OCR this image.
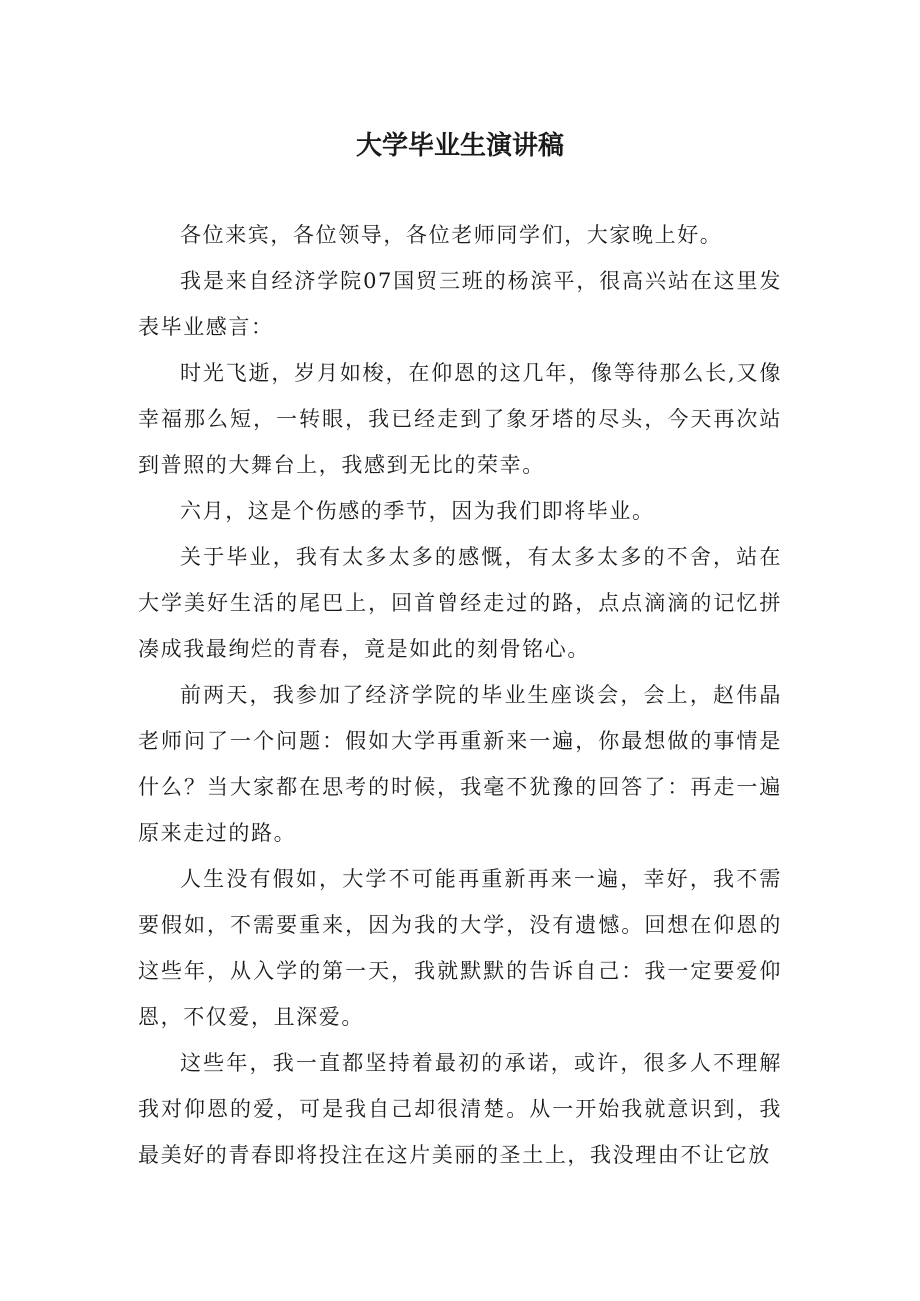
大学毕业生演讲稿

各位来宾，各位领导，各位老师同学们，大家晚上好。

我是来自经济学院07国贸三班的杨滨平，很高兴站在这里发表毕业感言：

时光飞逝，岁月如梭，在仰恩的这几年，像等待那么长,又像幸福那么短，一转眼，我已经走到了象牙塔的尽头，今天再次站到普照的大舞台上，我感到无比的荣幸。

六月，这是个伤感的季节，因为我们即将毕业。

关于毕业，我有太多太多的感慨，有太多太多的不舍，站在大学美好生活的尾巴上，回首曾经走过的路，点点滴滴的记忆拼凑成我最绚烂的青春，竟是如此的刻骨铭心。

前两天，我参加了经济学院的毕业生座谈会，会上，赵伟晶老师问了一个问题：假如大学再重新来一遍，你最想做的事情是什么？当大家都在思考的时候，我毫不犹豫的回答了：再走一遍原来走过的路。

人生没有假如，大学不可能再重新再来一遍，幸好，我不需要假如，不需要重来，因为我的大学，没有遗憾。回想在仰恩的这些年，从入学的第一天，我就默默的告诉自己：我一定要爱仰恩，不仅爱，且深爱。

这些年，我一直都坚持着最初的承诺，或许，很多人不理解我对仰恩的爱，可是我自己却很清楚。从一开始我就意识到，我最美好的青春即将投注在这片美丽的圣土上，我没理由不让它放
